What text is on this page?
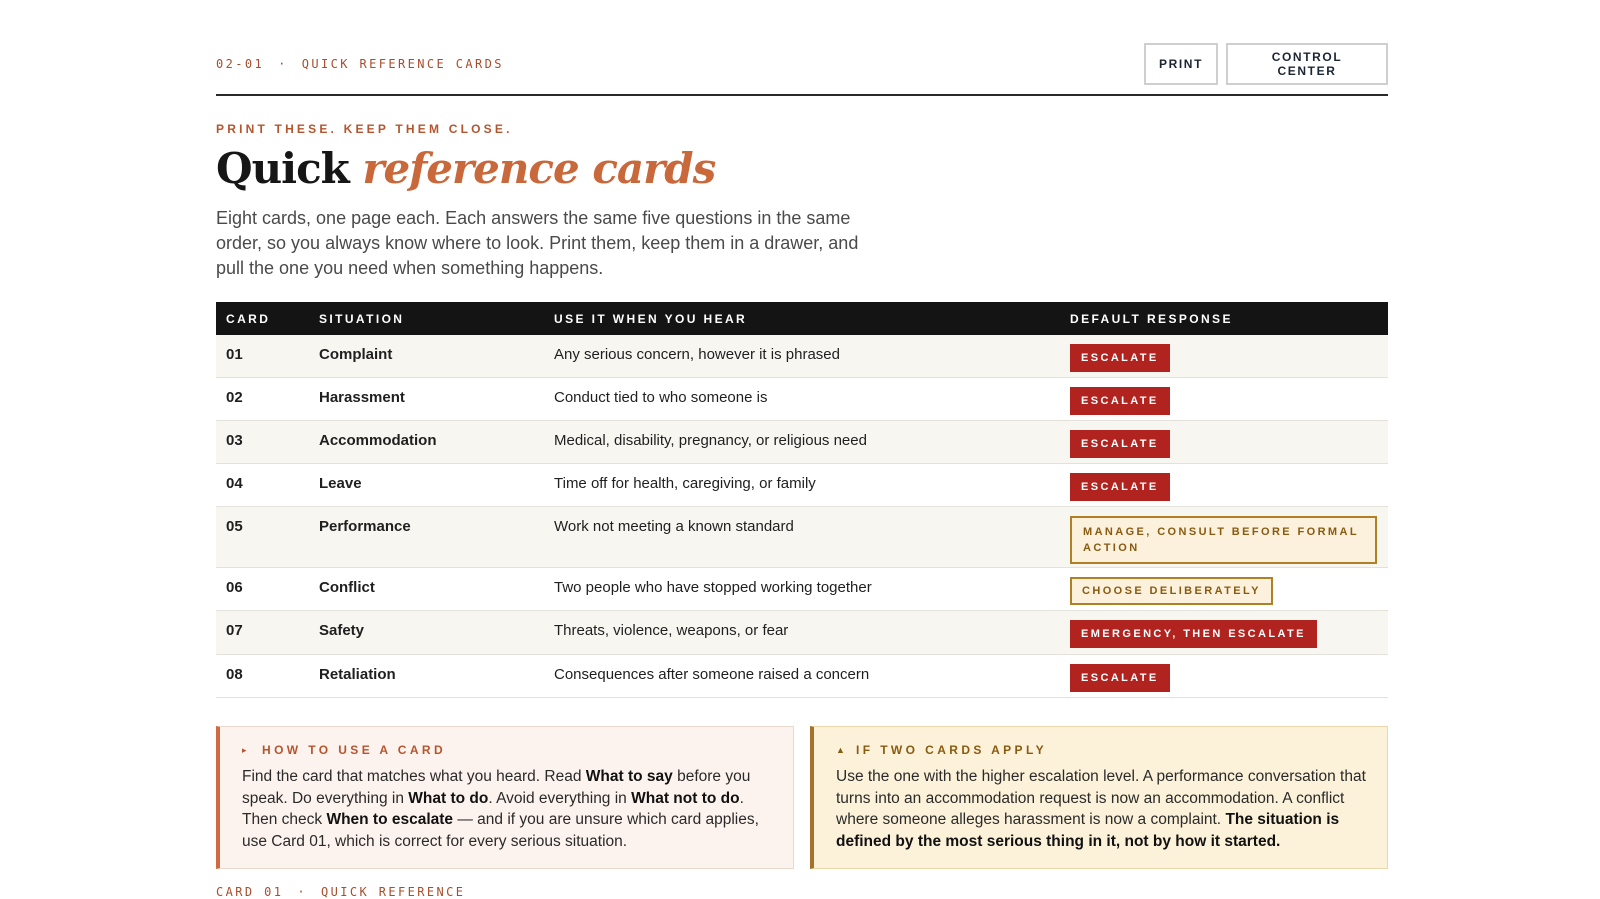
02-01 · QUICK REFERENCE CARDS	PRINT	CONTROL CENTER
PRINT THESE. KEEP THEM CLOSE.
Quick reference cards

Eight cards, one page each. Each answers the same five questions in the same order, so you always know where to look. Print them, keep them in a drawer, and pull the one you need when something happens.

CARD	SITUATION	USE IT WHEN YOU HEAR	DEFAULT RESPONSE
01	Complaint	Any serious concern, however it is phrased	ESCALATE
02	Harassment	Conduct tied to who someone is	ESCALATE
03	Accommodation	Medical, disability, pregnancy, or religious need	ESCALATE
04	Leave	Time off for health, caregiving, or family	ESCALATE
05	Performance	Work not meeting a known standard	MANAGE, CONSULT BEFORE FORMAL ACTION
06	Conflict	Two people who have stopped working together	CHOOSE DELIBERATELY
07	Safety	Threats, violence, weapons, or fear	EMERGENCY, THEN ESCALATE
08	Retaliation	Consequences after someone raised a concern	ESCALATE
▸ HOW TO USE A CARD

Find the card that matches what you heard. Read What to say before you speak. Do everything in What to do. Avoid everything in What not to do. Then check When to escalate — and if you are unsure which card applies, use Card 01, which is correct for every serious situation.

▲ IF TWO CARDS APPLY

Use the one with the higher escalation level. A performance conversation that turns into an accommodation request is now an accommodation. A conflict where someone alleges harassment is now a complaint. The situation is defined by the most serious thing in it, not by how it started.

CARD 01 · QUICK REFERENCE
